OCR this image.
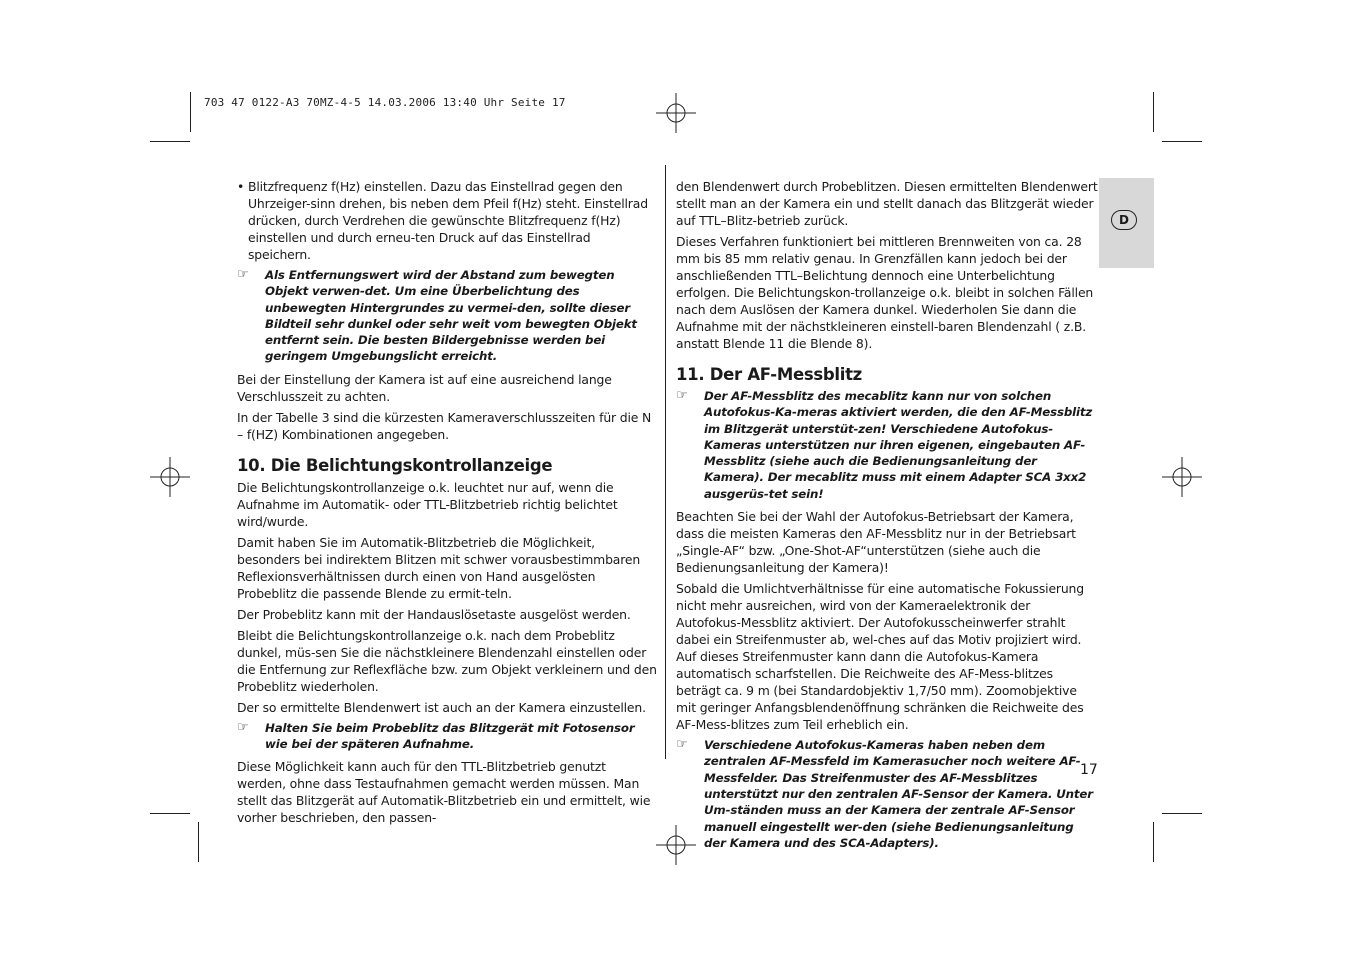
703 47 0122-A3 70MZ-4-5 14.03.2006 13:40 Uhr Seite 17
D
• Blitzfrequenz f(Hz) einstellen. Dazu das Einstellrad gegen den Uhrzeiger-sinn drehen, bis neben dem Pfeil f(Hz) steht. Einstellrad drücken, durch Verdrehen die gewünschte Blitzfrequenz f(Hz) einstellen und durch erneu-ten Druck auf das Einstellrad speichern.
☞ Als Entfernungswert wird der Abstand zum bewegten Objekt verwen-det. Um eine Überbelichtung des unbewegten Hintergrundes zu vermei-den, sollte dieser Bildteil sehr dunkel oder sehr weit vom bewegten Objekt entfernt sein. Die besten Bildergebnisse werden bei geringem Umgebungslicht erreicht.

Bei der Einstellung der Kamera ist auf eine ausreichend lange Verschlusszeit zu achten.

In der Tabelle 3 sind die kürzesten Kameraverschlusszeiten für die N – f(HZ) Kombinationen angegeben.

10. Die Belichtungskontrollanzeige

Die Belichtungskontrollanzeige o.k. leuchtet nur auf, wenn die Aufnahme im Automatik- oder TTL-Blitzbetrieb richtig belichtet wird/wurde.

Damit haben Sie im Automatik-Blitzbetrieb die Möglichkeit, besonders bei indirektem Blitzen mit schwer vorausbestimmbaren Reflexionsverhältnissen durch einen von Hand ausgelösten Probeblitz die passende Blende zu ermit-teln.

Der Probeblitz kann mit der Handauslösetaste ausgelöst werden.

Bleibt die Belichtungskontrollanzeige o.k. nach dem Probeblitz dunkel, müs-sen Sie die nächstkleinere Blendenzahl einstellen oder die Entfernung zur Reflexfläche bzw. zum Objekt verkleinern und den Probeblitz wiederholen.

Der so ermittelte Blendenwert ist auch an der Kamera einzustellen.

☞ Halten Sie beim Probeblitz das Blitzgerät mit Fotosensor wie bei der späteren Aufnahme.

Diese Möglichkeit kann auch für den TTL-Blitzbetrieb genutzt werden, ohne dass Testaufnahmen gemacht werden müssen. Man stellt das Blitzgerät auf Automatik-Blitzbetrieb ein und ermittelt, wie vorher beschrieben, den passen-

den Blendenwert durch Probeblitzen. Diesen ermittelten Blendenwert stellt man an der Kamera ein und stellt danach das Blitzgerät wieder auf TTL–Blitz-betrieb zurück.

Dieses Verfahren funktioniert bei mittleren Brennweiten von ca. 28 mm bis 85 mm relativ genau. In Grenzfällen kann jedoch bei der anschließenden TTL–Belichtung dennoch eine Unterbelichtung erfolgen. Die Belichtungskon-trollanzeige o.k. bleibt in solchen Fällen nach dem Auslösen der Kamera dunkel. Wiederholen Sie dann die Aufnahme mit der nächstkleineren einstell-baren Blendenzahl ( z.B. anstatt Blende 11 die Blende 8).

11. Der AF-Messblitz
☞ Der AF-Messblitz des mecablitz kann nur von solchen Autofokus-Ka-meras aktiviert werden, die den AF-Messblitz im Blitzgerät unterstüt-zen! Verschiedene Autofokus-Kameras unterstützen nur ihren eigenen, eingebauten AF-Messblitz (siehe auch die Bedienungsanleitung der Kamera). Der mecablitz muss mit einem Adapter SCA 3xx2 ausgerüs-tet sein!

Beachten Sie bei der Wahl der Autofokus-Betriebsart der Kamera, dass die meisten Kameras den AF-Messblitz nur in der Betriebsart „Single-AF“ bzw. „One-Shot-AF“unterstützen (siehe auch die Bedienungsanleitung der Kamera)!

Sobald die Umlichtverhältnisse für eine automatische Fokussierung nicht mehr ausreichen, wird von der Kameraelektronik der Autofokus-Messblitz aktiviert. Der Autofokusscheinwerfer strahlt dabei ein Streifenmuster ab, wel-ches auf das Motiv projiziert wird. Auf dieses Streifenmuster kann dann die Autofokus-Kamera automatisch scharfstellen. Die Reichweite des AF-Mess-blitzes beträgt ca. 9 m (bei Standardobjektiv 1,7/50 mm). Zoomobjektive mit geringer Anfangsblendenöffnung schränken die Reichweite des AF-Mess-blitzes zum Teil erheblich ein.

☞ Verschiedene Autofokus-Kameras haben neben dem zentralen AF-Messfeld im Kamerasucher noch weitere AF-Messfelder. Das Streifenmuster des AF-Messblitzes unterstützt nur den zentralen AF-Sensor der Kamera. Unter Um-ständen muss an der Kamera der zentrale AF-Sensor manuell eingestellt wer-den (siehe Bedienungsanleitung der Kamera und des SCA-Adapters).
17
